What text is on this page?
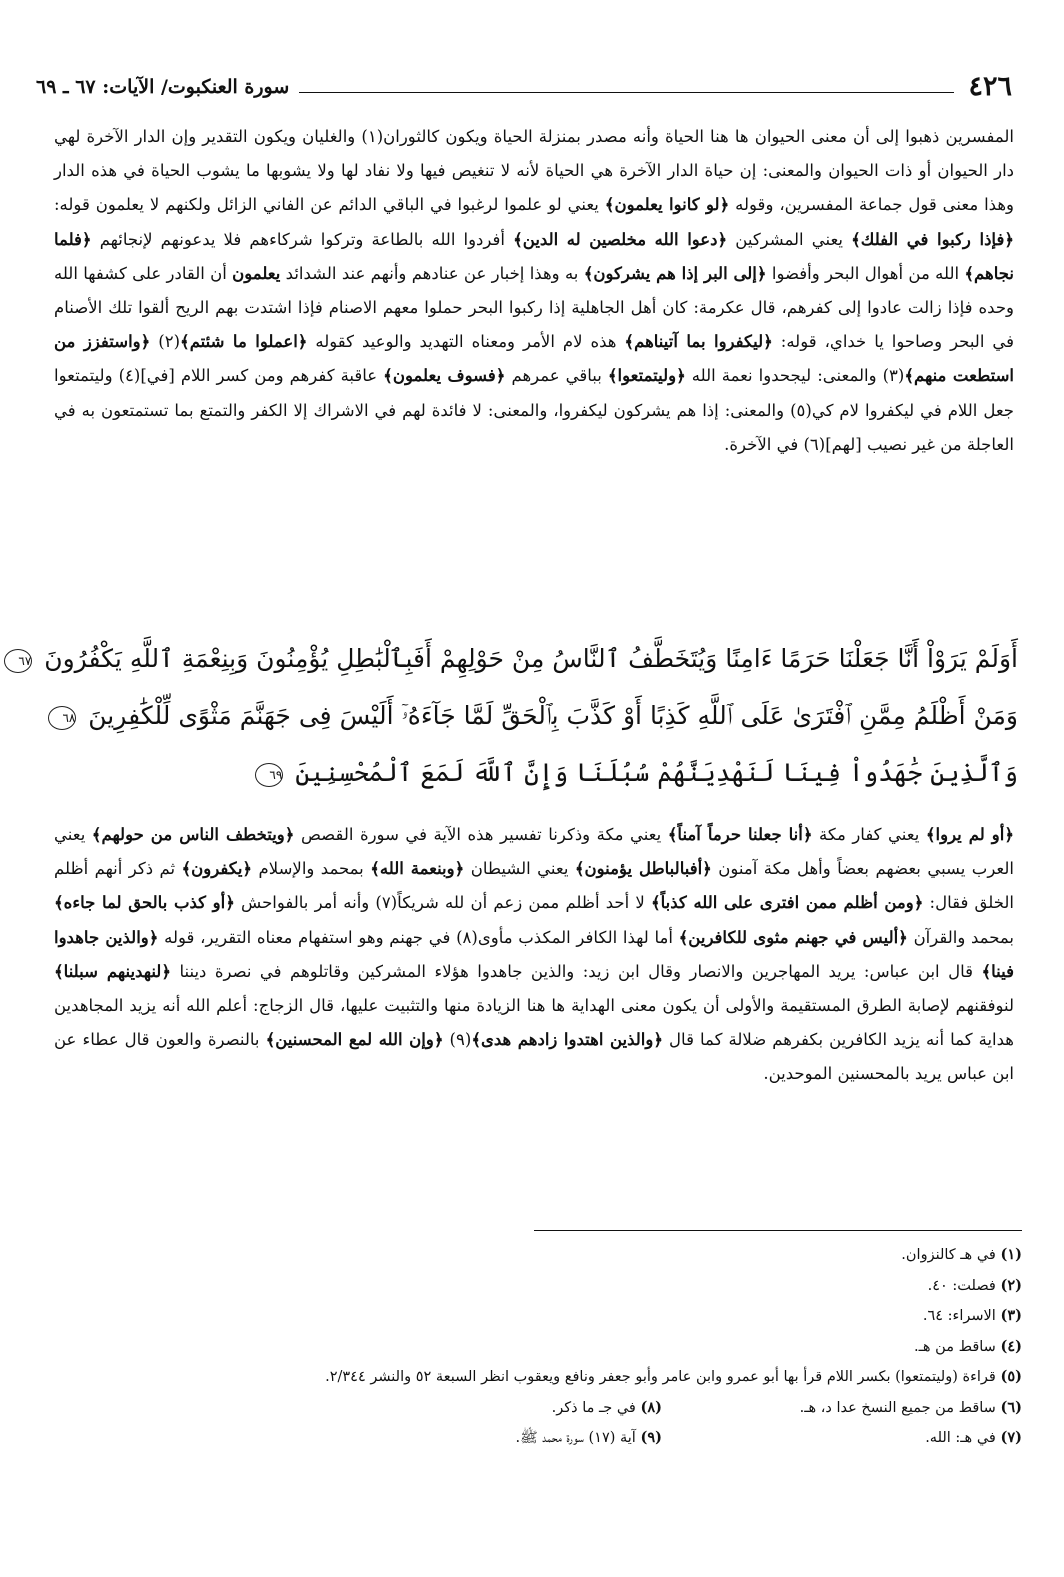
٤٢٦
سورة العنكبوت/ الآيات: ٦٧ ـ ٦٩

المفسرين ذهبوا إلى أن معنى الحيوان ها هنا الحياة وأنه مصدر بمنزلة الحياة ويكون كالثوران(١) والغليان ويكون التقدير وإن الدار الآخرة لهي دار الحيوان أو ذات الحيوان والمعنى: إن حياة الدار الآخرة هي الحياة لأنه لا تنغيص فيها ولا نفاد لها ولا يشوبها ما يشوب الحياة في هذه الدار وهذا معنى قول جماعة المفسرين، وقوله ﴿لو كانوا يعلمون﴾ يعني لو علموا لرغبوا في الباقي الدائم عن الفاني الزائل ولكنهم لا يعلمون قوله: ﴿فإذا ركبوا في الفلك﴾ يعني المشركين ﴿دعوا الله مخلصين له الدين﴾ أفردوا الله بالطاعة وتركوا شركاءهم فلا يدعونهم لإنجائهم ﴿فلما نجاهم﴾ الله من أهوال البحر وأفضوا ﴿إلى البر إذا هم يشركون﴾ به وهذا إخبار عن عنادهم وأنهم عند الشدائد يعلمون أن القادر على كشفها الله وحده فإذا زالت عادوا إلى كفرهم، قال عكرمة: كان أهل الجاهلية إذا ركبوا البحر حملوا معهم الاصنام فإذا اشتدت بهم الريح ألقوا تلك الأصنام في البحر وصاحوا يا خداي، قوله: ﴿ليكفروا بما آتيناهم﴾ هذه لام الأمر ومعناه التهديد والوعيد كقوله ﴿اعملوا ما شئتم﴾(٢) ﴿واستفزز من استطعت منهم﴾(٣) والمعنى: ليجحدوا نعمة الله ﴿وليتمتعوا﴾ بباقي عمرهم ﴿فسوف يعلمون﴾ عاقبة كفرهم ومن كسر اللام [في](٤) وليتمتعوا جعل اللام في ليكفروا لام كي(٥) والمعنى: إذا هم يشركون ليكفروا، والمعنى: لا فائدة لهم في الاشراك إلا الكفر والتمتع بما تستمتعون به في العاجلة من غير نصيب [لهم](٦) في الآخرة.

أَوَلَمْ يَرَوْاْ أَنَّا جَعَلْنَا حَرَمًا ءَامِنًا وَيُتَخَطَّفُ ٱلنَّاسُ مِنْ حَوْلِهِمْ أَفَبِٱلْبَٰطِلِ يُؤْمِنُونَ وَبِنِعْمَةِ ٱللَّهِ يَكْفُرُونَ ٦٧
وَمَنْ أَظْلَمُ مِمَّنِ ٱفْتَرَىٰ عَلَى ٱللَّهِ كَذِبًا أَوْ كَذَّبَ بِٱلْحَقِّ لَمَّا جَآءَهُۥٓ أَلَيْسَ فِى جَهَنَّمَ مَثْوًى لِّلْكَٰفِرِينَ ٦٨
وَٱلَّذِينَ جَٰهَدُواْ فِينَا لَنَهْدِيَنَّهُمْ سُبُلَنَا وَإِنَّ ٱللَّهَ لَمَعَ ٱلْمُحْسِنِينَ ٦٩

﴿أو لم يروا﴾ يعني كفار مكة ﴿أنا جعلنا حرماً آمناً﴾ يعني مكة وذكرنا تفسير هذه الآية في سورة القصص ﴿ويتخطف الناس من حولهم﴾ يعني العرب يسبي بعضهم بعضاً وأهل مكة آمنون ﴿أفبالباطل يؤمنون﴾ يعني الشيطان ﴿وبنعمة الله﴾ بمحمد والإسلام ﴿يكفرون﴾ ثم ذكر أنهم أظلم الخلق فقال: ﴿ومن أظلم ممن افترى على الله كذباً﴾ لا أحد أظلم ممن زعم أن لله شريكاً(٧) وأنه أمر بالفواحش ﴿أو كذب بالحق لما جاءه﴾ بمحمد والقرآن ﴿أليس في جهنم مثوى للكافرين﴾ أما لهذا الكافر المكذب مأوى(٨) في جهنم وهو استفهام معناه التقرير، قوله ﴿والذين جاهدوا فينا﴾ قال ابن عباس: يريد المهاجرين والانصار وقال ابن زيد: والذين جاهدوا هؤلاء المشركين وقاتلوهم في نصرة ديننا ﴿لنهدينهم سبلنا﴾ لنوفقنهم لإصابة الطرق المستقيمة والأولى أن يكون معنى الهداية ها هنا الزيادة منها والتثبيت عليها، قال الزجاج: أعلم الله أنه يزيد المجاهدين هداية كما أنه يزيد الكافرين بكفرهم ضلالة كما قال ﴿والذين اهتدوا زادهم هدى﴾(٩) ﴿وإن الله لمع المحسنين﴾ بالنصرة والعون قال عطاء عن ابن عباس يريد بالمحسنين الموحدين.

(١) في هـ كالنزوان.
(٢) فصلت: ٤٠.
(٣) الاسراء: ٦٤.
(٤) ساقط من هـ.
(٥) قراءة (وليتمتعوا) بكسر اللام قرأ بها أبو عمرو وابن عامر وأبو جعفر ونافع ويعقوب انظر السبعة ٥٢ والنشر ٢/٣٤٤.
(٦) ساقط من جميع النسخ عدا د، هـ.
(٨) في جـ ما ذكر.
(٧) في هـ: الله.
(٩) آية (١٧) سورة محمد ﷺ.
